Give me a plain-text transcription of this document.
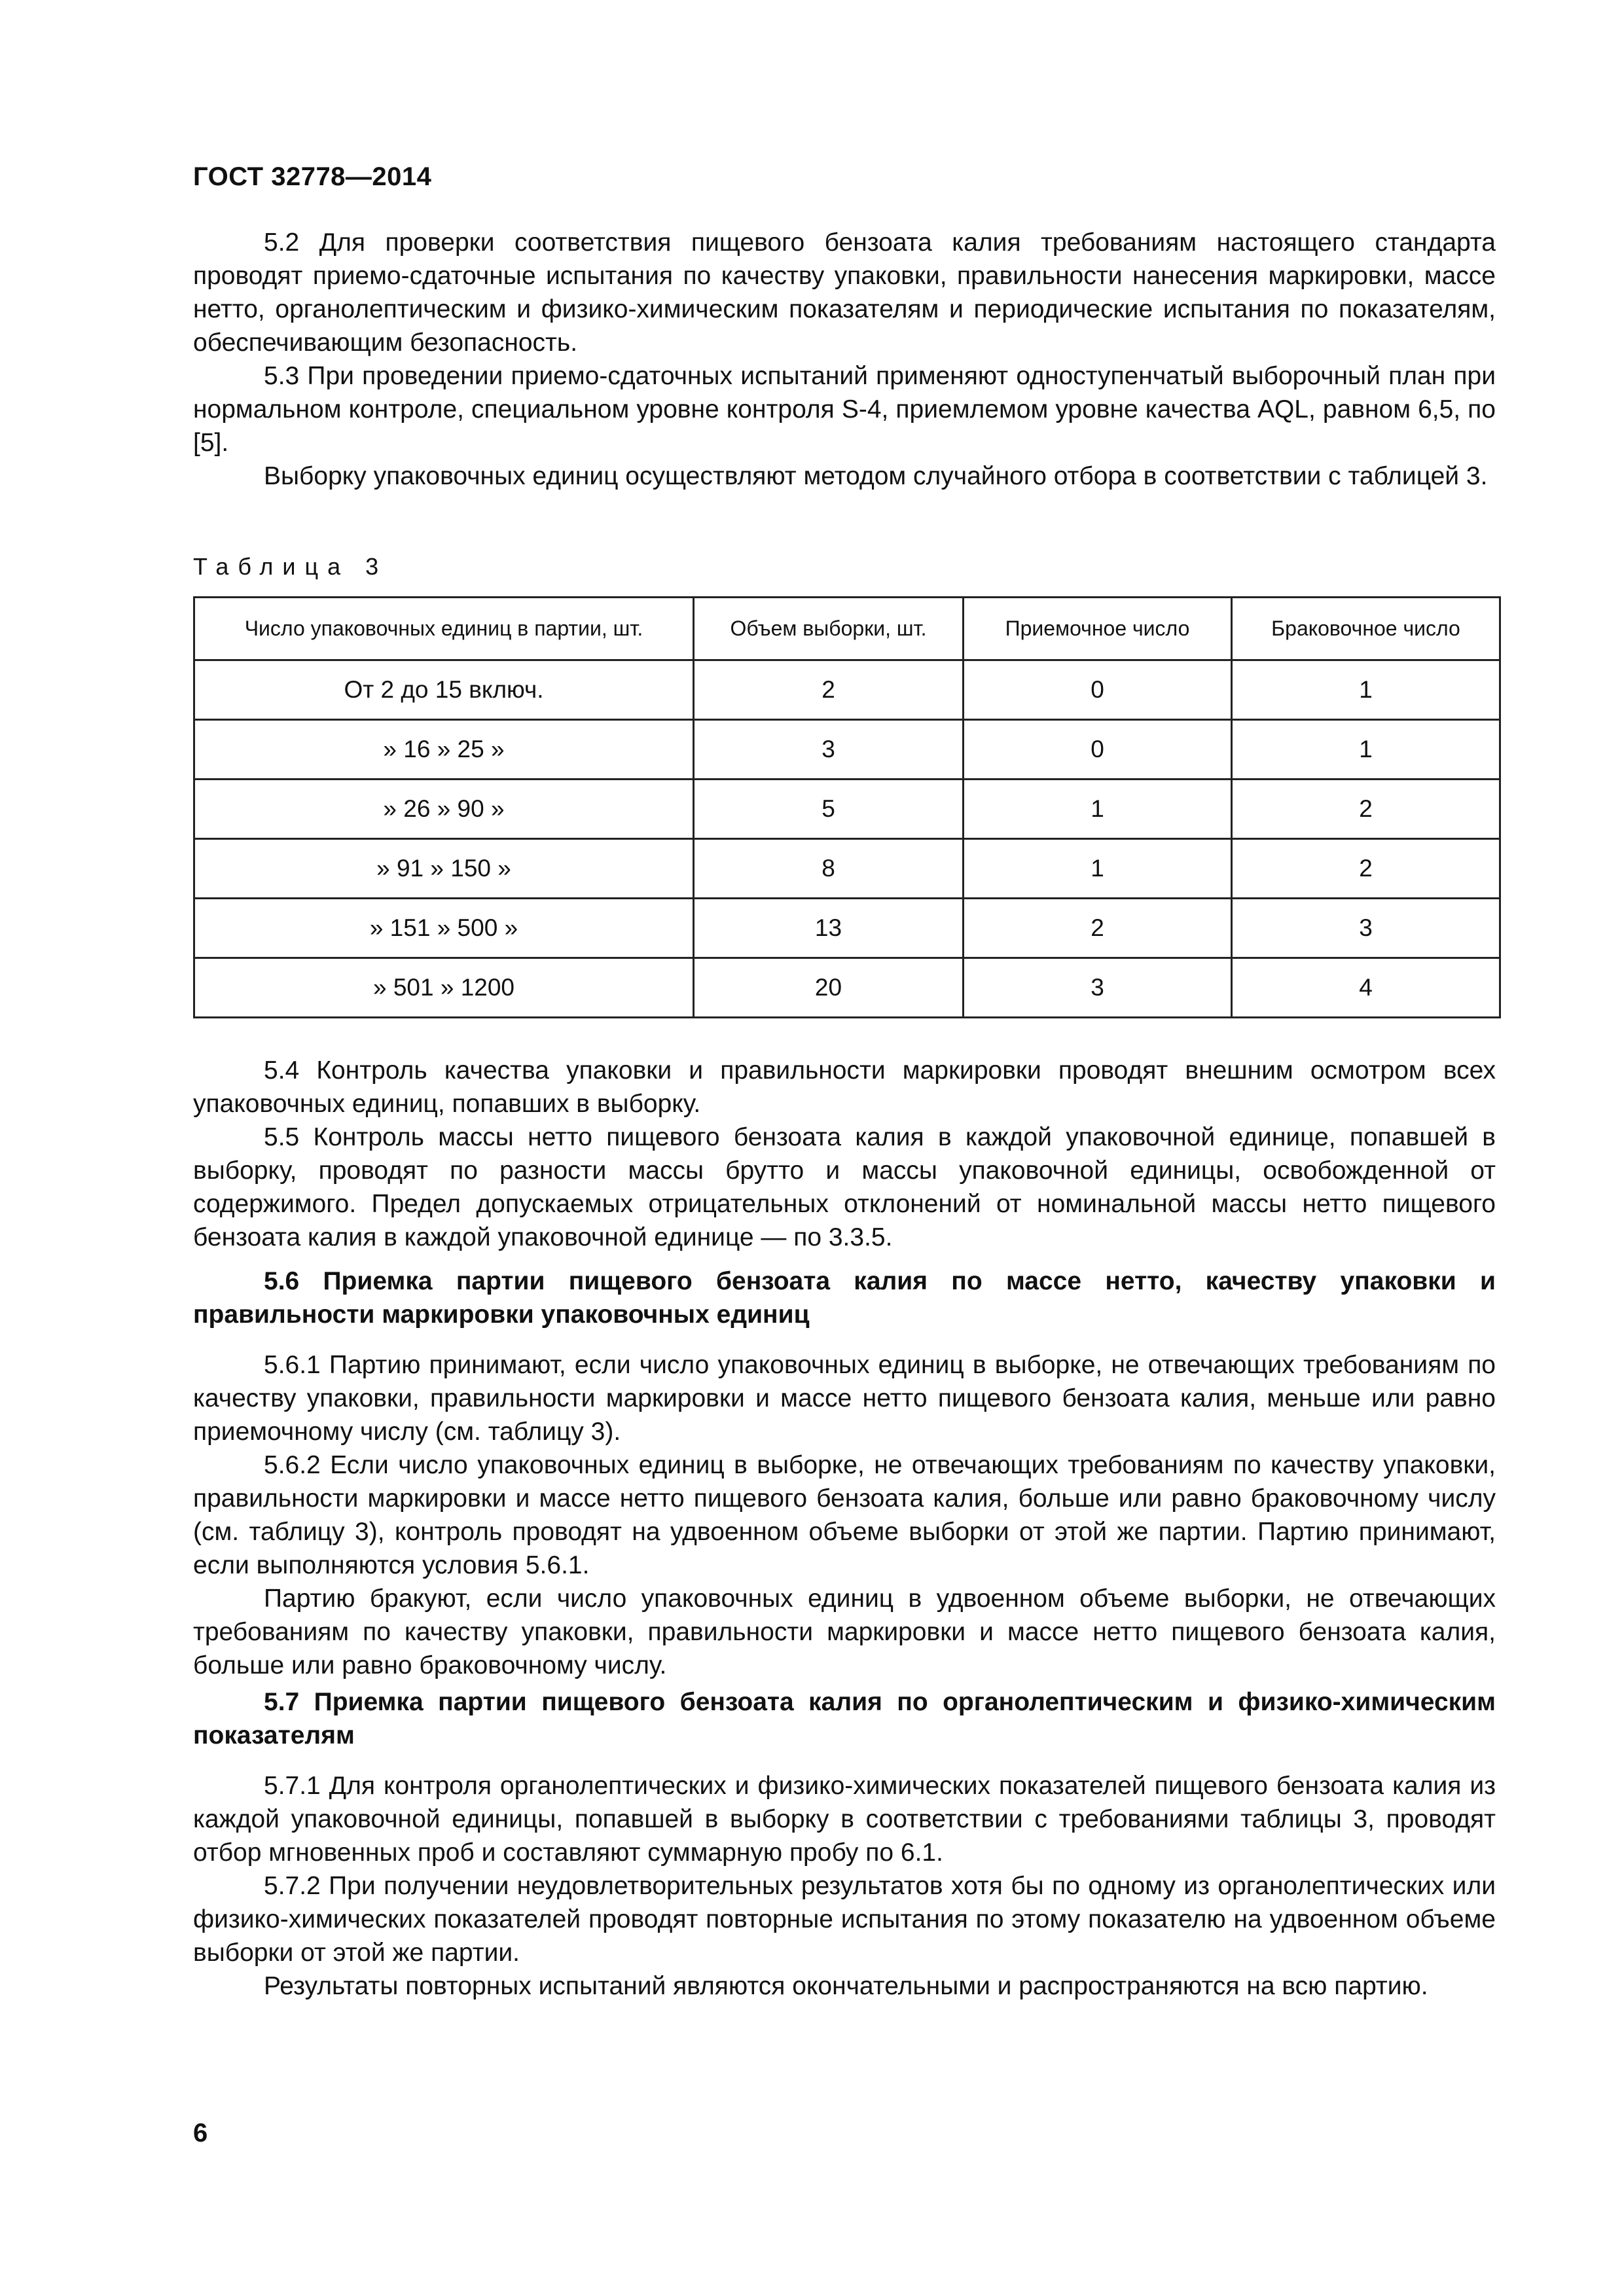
ГОСТ 32778—2014

5.2 Для проверки соответствия пищевого бензоата калия требованиям настоящего стандарта проводят приемо-сдаточные испытания по качеству упаковки, правильности нанесения маркировки, массе нетто, органолептическим и физико-химическим показателям и периодические испытания по показателям, обеспечивающим безопасность.

5.3 При проведении приемо-сдаточных испытаний применяют одноступенчатый выборочный план при нормальном контроле, специальном уровне контроля S-4, приемлемом уровне качества AQL, равном 6,5, по [5].

Выборку упаковочных единиц осуществляют методом случайного отбора в соответствии с таблицей 3.

Таблица 3
Число упаковочных единиц в партии, шт.	Объем выборки, шт.	Приемочное число	Браковочное число
От 2 до 15 включ.	2	0	1
» 16 » 25 »	3	0	1
» 26 » 90 »	5	1	2
» 91 » 150 »	8	1	2
» 151 » 500 »	13	2	3
» 501 » 1200	20	3	4

5.4 Контроль качества упаковки и правильности маркировки проводят внешним осмотром всех упаковочных единиц, попавших в выборку.

5.5 Контроль массы нетто пищевого бензоата калия в каждой упаковочной единице, попавшей в выборку, проводят по разности массы брутто и массы упаковочной единицы, освобожденной от содержимого. Предел допускаемых отрицательных отклонений от номинальной массы нетто пищевого бензоата калия в каждой упаковочной единице — по 3.3.5.

5.6 Приемка партии пищевого бензоата калия по массе нетто, качеству упаковки и правильности маркировки упаковочных единиц

5.6.1 Партию принимают, если число упаковочных единиц в выборке, не отвечающих требованиям по качеству упаковки, правильности маркировки и массе нетто пищевого бензоата калия, меньше или равно приемочному числу (см. таблицу 3).

5.6.2 Если число упаковочных единиц в выборке, не отвечающих требованиям по качеству упаковки, правильности маркировки и массе нетто пищевого бензоата калия, больше или равно браковочному числу (см. таблицу 3), контроль проводят на удвоенном объеме выборки от этой же партии. Партию принимают, если выполняются условия 5.6.1.

Партию бракуют, если число упаковочных единиц в удвоенном объеме выборки, не отвечающих требованиям по качеству упаковки, правильности маркировки и массе нетто пищевого бензоата калия, больше или равно браковочному числу.

5.7 Приемка партии пищевого бензоата калия по органолептическим и физико-химическим показателям

5.7.1 Для контроля органолептических и физико-химических показателей пищевого бензоата калия из каждой упаковочной единицы, попавшей в выборку в соответствии с требованиями таблицы 3, проводят отбор мгновенных проб и составляют суммарную пробу по 6.1.

5.7.2 При получении неудовлетворительных результатов хотя бы по одному из органолептических или физико-химических показателей проводят повторные испытания по этому показателю на удвоенном объеме выборки от этой же партии.

Результаты повторных испытаний являются окончательными и распространяются на всю партию.

6
